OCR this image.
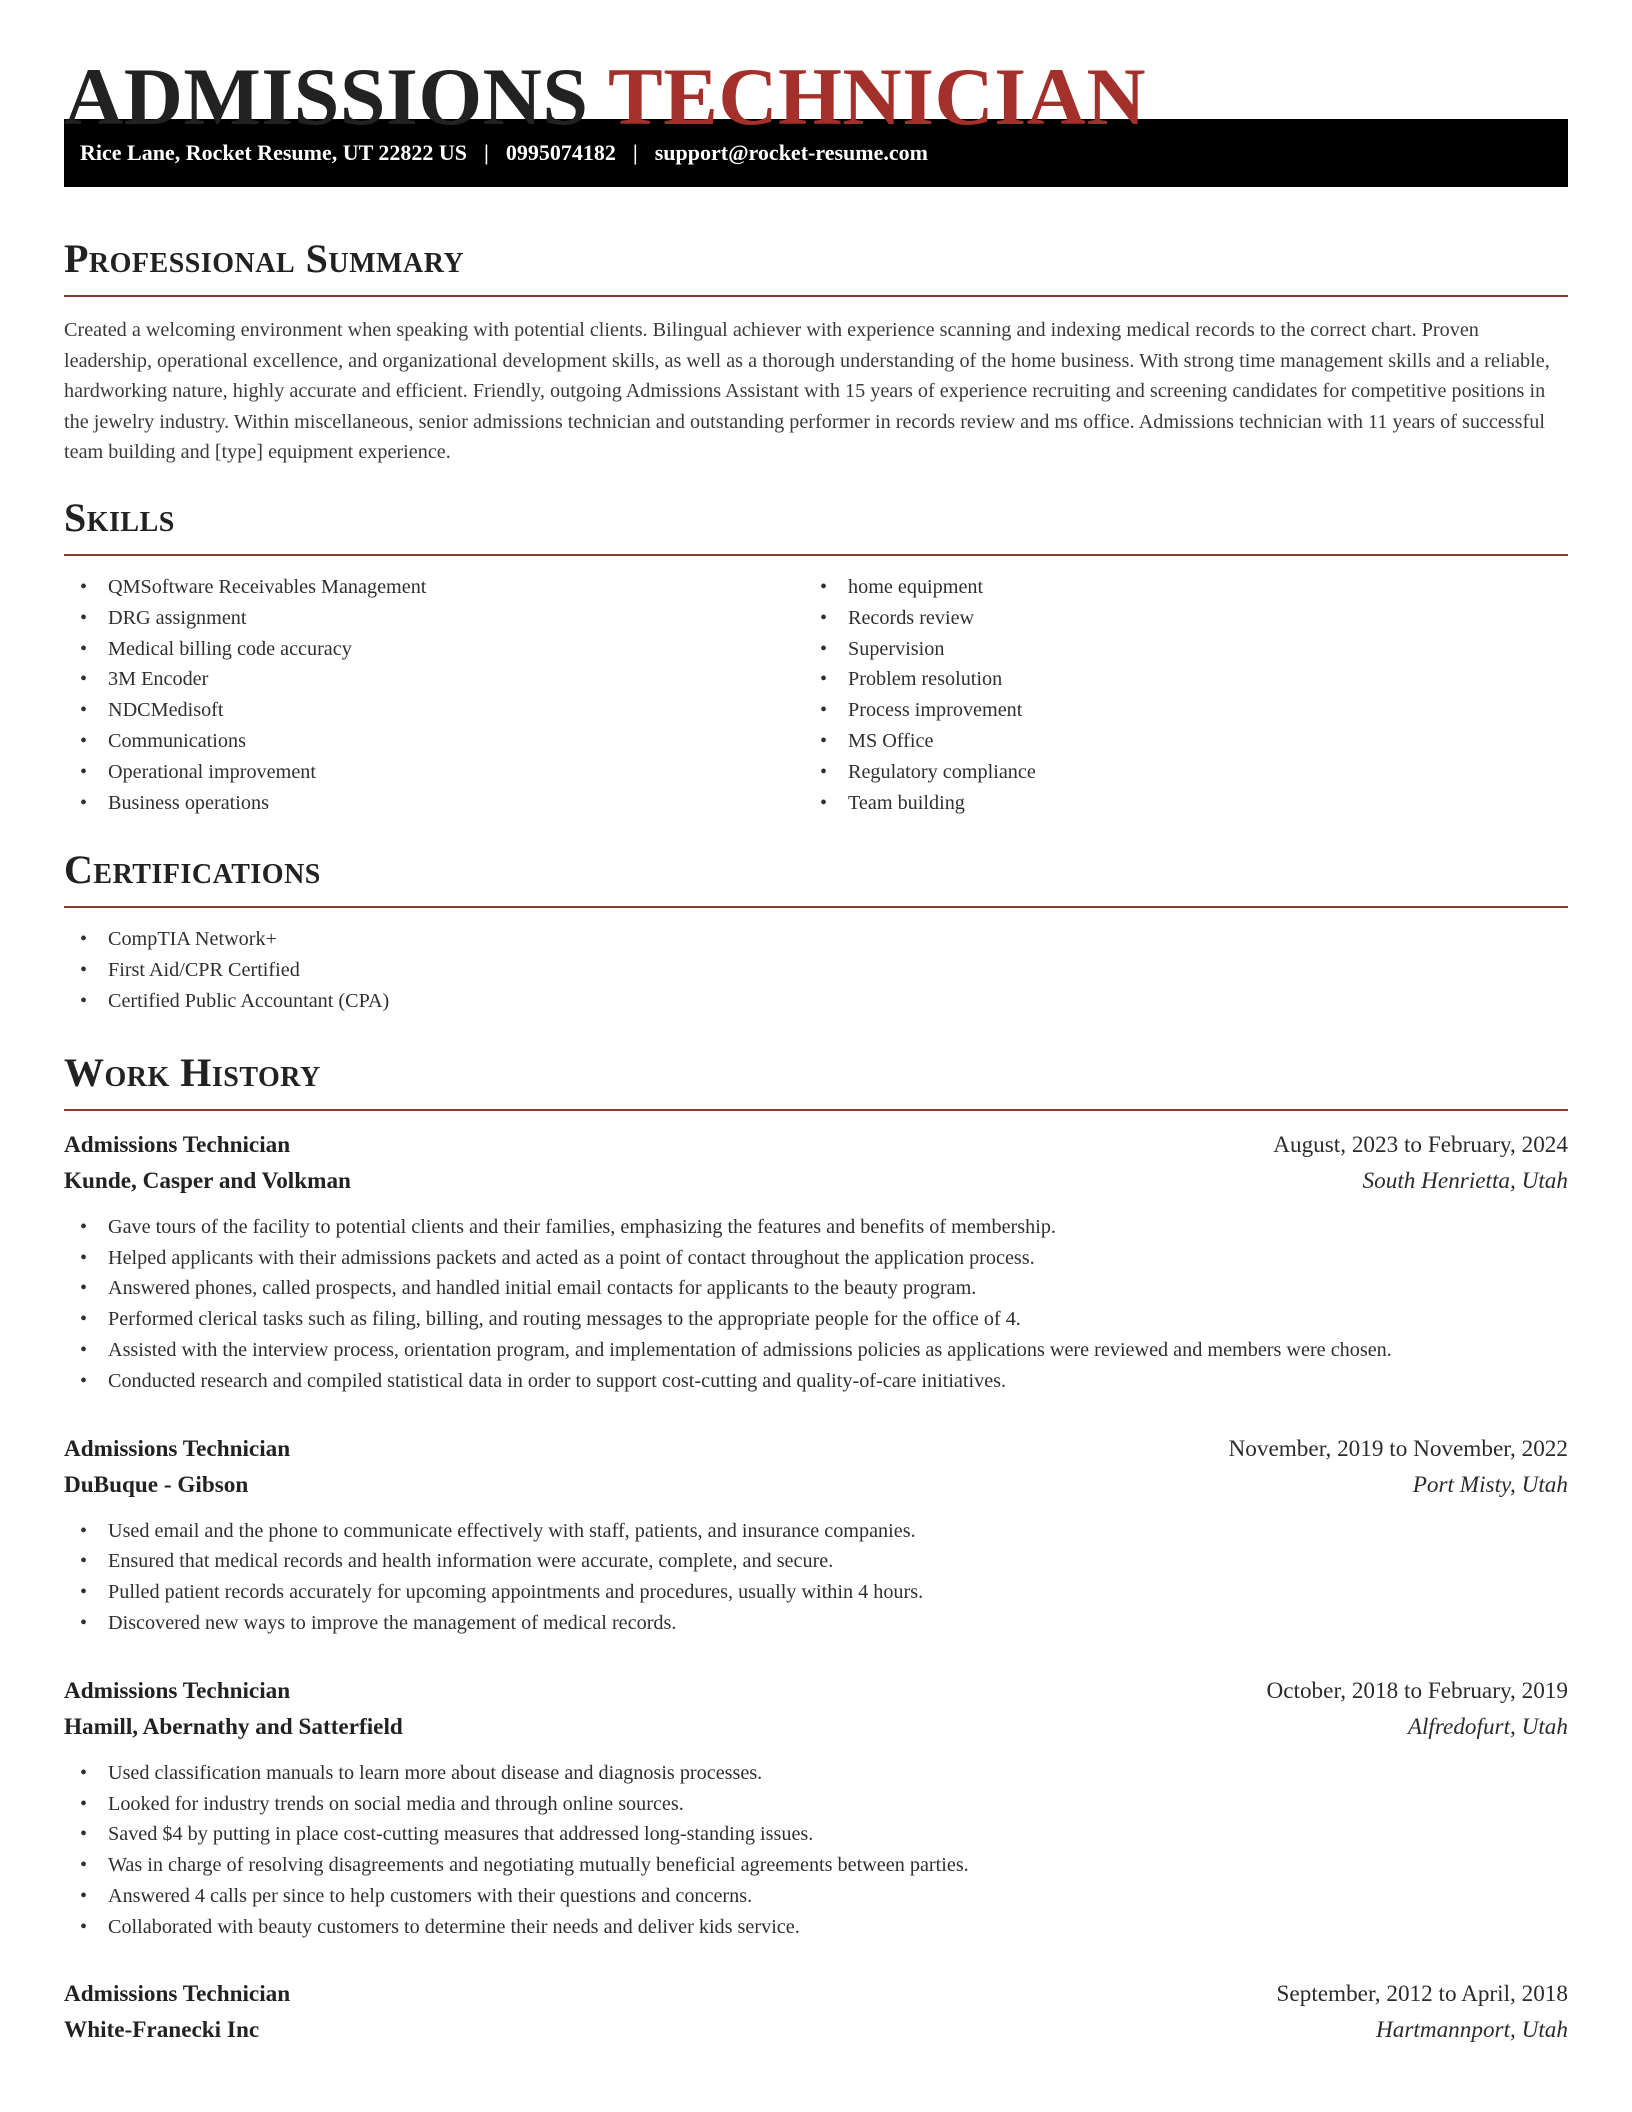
ADMISSIONS TECHNICIAN
Rice Lane, Rocket Resume, UT 22822 US | 0995074182 | support@rocket-resume.com
Professional Summary

Created a welcoming environment when speaking with potential clients. Bilingual achiever with experience scanning and indexing medical records to the correct chart. Proven leadership, operational excellence, and organizational development skills, as well as a thorough understanding of the home business. With strong time management skills and a reliable, hardworking nature, highly accurate and efficient. Friendly, outgoing Admissions Assistant with 15 years of experience recruiting and screening candidates for competitive positions in the jewelry industry. Within miscellaneous, senior admissions technician and outstanding performer in records review and ms office. Admissions technician with 11 years of successful team building and [type] equipment experience.

Skills
• QMSoftware Receivables Management
• DRG assignment
• Medical billing code accuracy
• 3M Encoder
• NDCMedisoft
• Communications
• Operational improvement
• Business operations
• home equipment
• Records review
• Supervision
• Problem resolution
• Process improvement
• MS Office
• Regulatory compliance
• Team building
Certifications
• CompTIA Network+
• First Aid/CPR Certified
• Certified Public Accountant (CPA)
Work History
Admissions Technician	August, 2023 to February, 2024
Kunde, Casper and Volkman	South Henrietta, Utah
• Gave tours of the facility to potential clients and their families, emphasizing the features and benefits of membership.
• Helped applicants with their admissions packets and acted as a point of contact throughout the application process.
• Answered phones, called prospects, and handled initial email contacts for applicants to the beauty program.
• Performed clerical tasks such as filing, billing, and routing messages to the appropriate people for the office of 4.
• Assisted with the interview process, orientation program, and implementation of admissions policies as applications were reviewed and members were chosen.
• Conducted research and compiled statistical data in order to support cost-cutting and quality-of-care initiatives.
Admissions Technician	November, 2019 to November, 2022
DuBuque - Gibson	Port Misty, Utah
• Used email and the phone to communicate effectively with staff, patients, and insurance companies.
• Ensured that medical records and health information were accurate, complete, and secure.
• Pulled patient records accurately for upcoming appointments and procedures, usually within 4 hours.
• Discovered new ways to improve the management of medical records.
Admissions Technician	October, 2018 to February, 2019
Hamill, Abernathy and Satterfield	Alfredofurt, Utah
• Used classification manuals to learn more about disease and diagnosis processes.
• Looked for industry trends on social media and through online sources.
• Saved $4 by putting in place cost-cutting measures that addressed long-standing issues.
• Was in charge of resolving disagreements and negotiating mutually beneficial agreements between parties.
• Answered 4 calls per since to help customers with their questions and concerns.
• Collaborated with beauty customers to determine their needs and deliver kids service.
Admissions Technician	September, 2012 to April, 2018
White-Franecki Inc	Hartmannport, Utah
